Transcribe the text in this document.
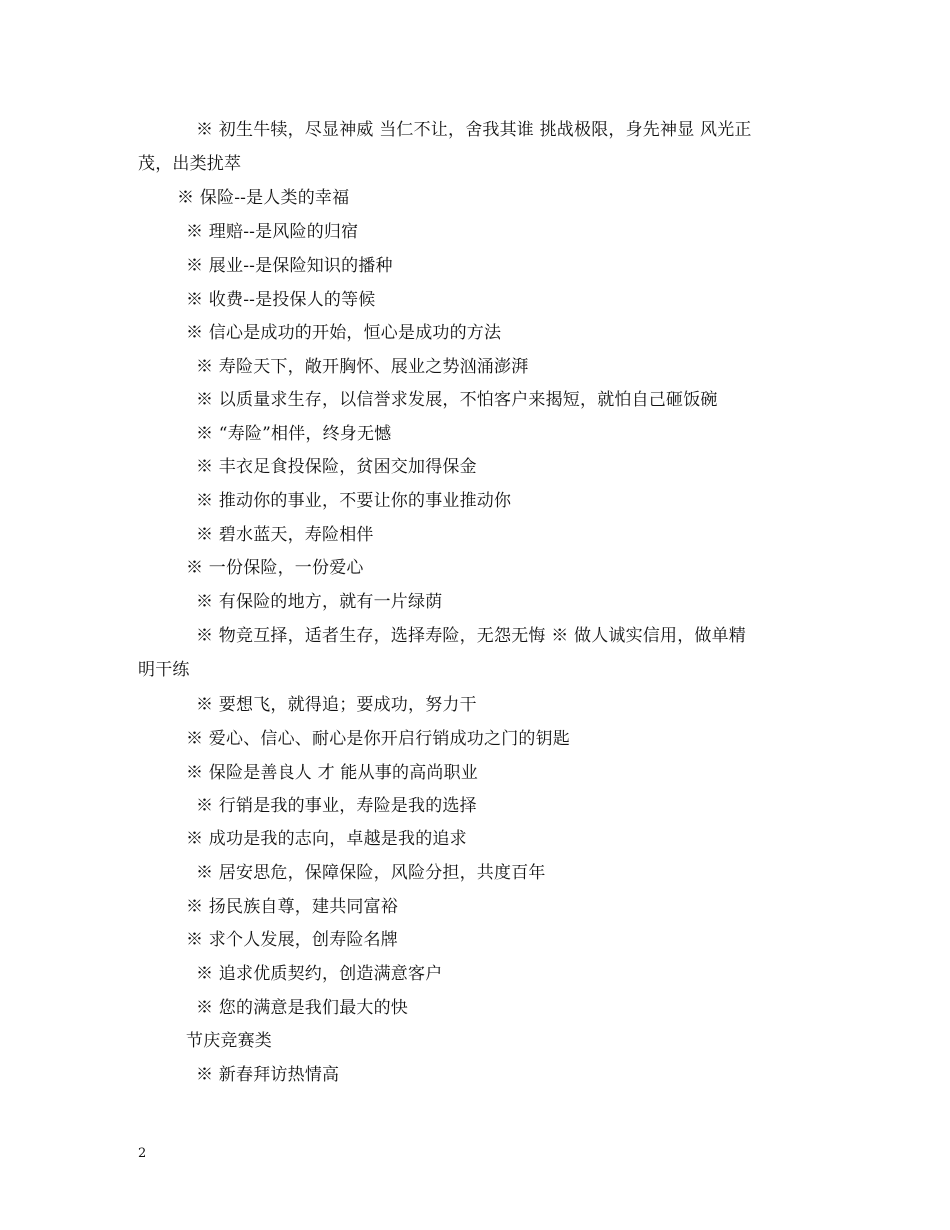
※ 初生牛犊，尽显神威 当仁不让，舍我其谁 挑战极限，身先神显 风光正
茂，出类扰萃
※ 保险--是人类的幸福
※ 理赔--是风险的归宿
※ 展业--是保险知识的播种
※ 收费--是投保人的等候
※ 信心是成功的开始，恒心是成功的方法
※ 寿险天下，敞开胸怀、展业之势汹涌澎湃
※ 以质量求生存，以信誉求发展，不怕客户来揭短，就怕自己砸饭碗
※ “寿险”相伴，终身无憾
※ 丰衣足食投保险，贫困交加得保金
※ 推动你的事业，不要让你的事业推动你
※ 碧水蓝天，寿险相伴
※ 一份保险，一份爱心
※ 有保险的地方，就有一片绿荫
※ 物竞互择，适者生存，选择寿险，无怨无悔 ※ 做人诚实信用，做单精
明干练
※ 要想飞，就得追；要成功，努力干
※ 爱心、信心、耐心是你开启行销成功之门的钥匙
※ 保险是善良人 才 能从事的高尚职业
※ 行销是我的事业，寿险是我的选择
※ 成功是我的志向，卓越是我的追求
※ 居安思危，保障保险，风险分担，共度百年
※ 扬民族自尊，建共同富裕
※ 求个人发展，创寿险名牌
※ 追求优质契约，创造满意客户
※ 您的满意是我们最大的快
节庆竞赛类
※ 新春拜访热情高
2
